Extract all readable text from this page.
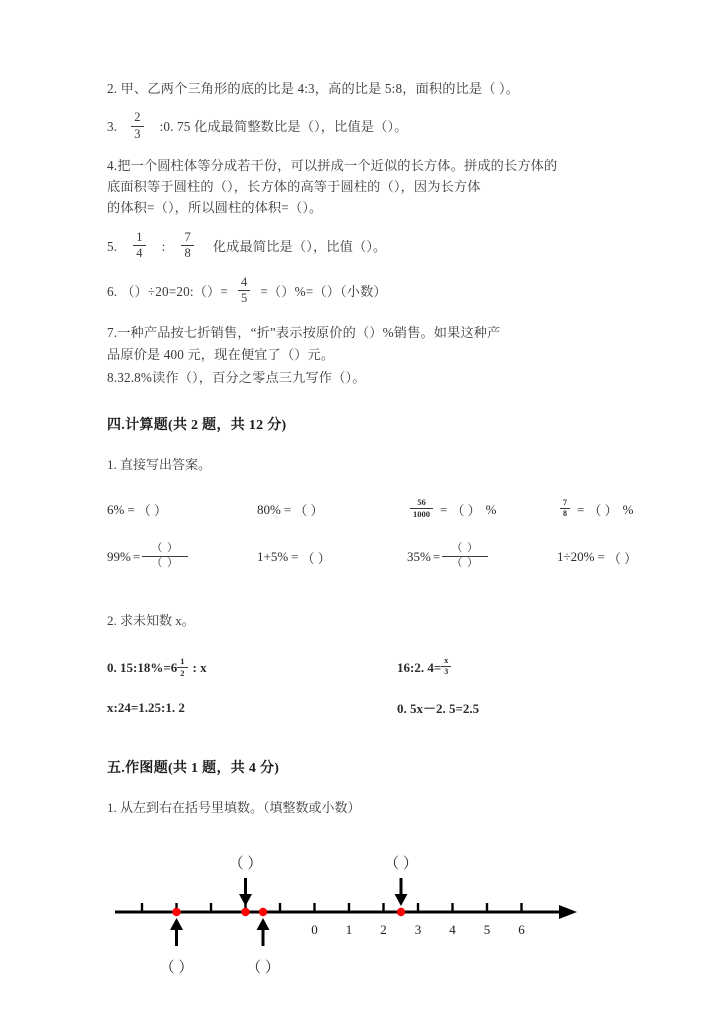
2. 甲、乙两个三角形的底的比是 4:3，高的比是 5:8，面积的比是（ ）。
3. $\frac{2}{3}$ :0. 75 化成最简整数比是（ ），比值是（ ）。
4.把一个圆柱体等分成若干份，可以拼成一个近似的长方体。拼成的长方体的
底面积等于圆柱的（），长方体的高等于圆柱的（），因为长方体
的体积=（），所以圆柱的体积=（）。
5. $\frac{1}{4}$ : $\frac{7}{8}$ 化成最简比是（ ），比值（ ）。
6. （ ）÷20=20:（ ）= $\frac{4}{5}$ =（ ）%=（ ）（小数）
7.一种产品按七折销售，“折”表示按原价的（）%销售。如果这种产
品原价是 400 元，现在便宜了（）元。
8.32.8%读作（），百分之零点三九写作（）。
四.计算题(共 2 题，共 12 分)
1. 直接写出答案。
6% = （ ）	80% = （ ）	$\frac{56}{1000}$ = （ ） %	$\frac{7}{8}$ = （ ） %
$99\% = \frac{( )}{( )}$	1+5% = （ ）	$35\% = \frac{( )}{( )}$	1÷20% = （ ）
2. 求未知数 x。
0. 15:18%=6 $\frac{1}{2}$ : x	16:2. $4= \frac{x}{3}$
x:24=1.25:1. 2	0. 5x－2. 5=2.5
五.作图题(共 1 题，共 4 分)
1. 从左到右在括号里填数。（填整数或小数）
0 1 2 3 4 5 6
（ ）	（ ）
（ ）	（ ）
